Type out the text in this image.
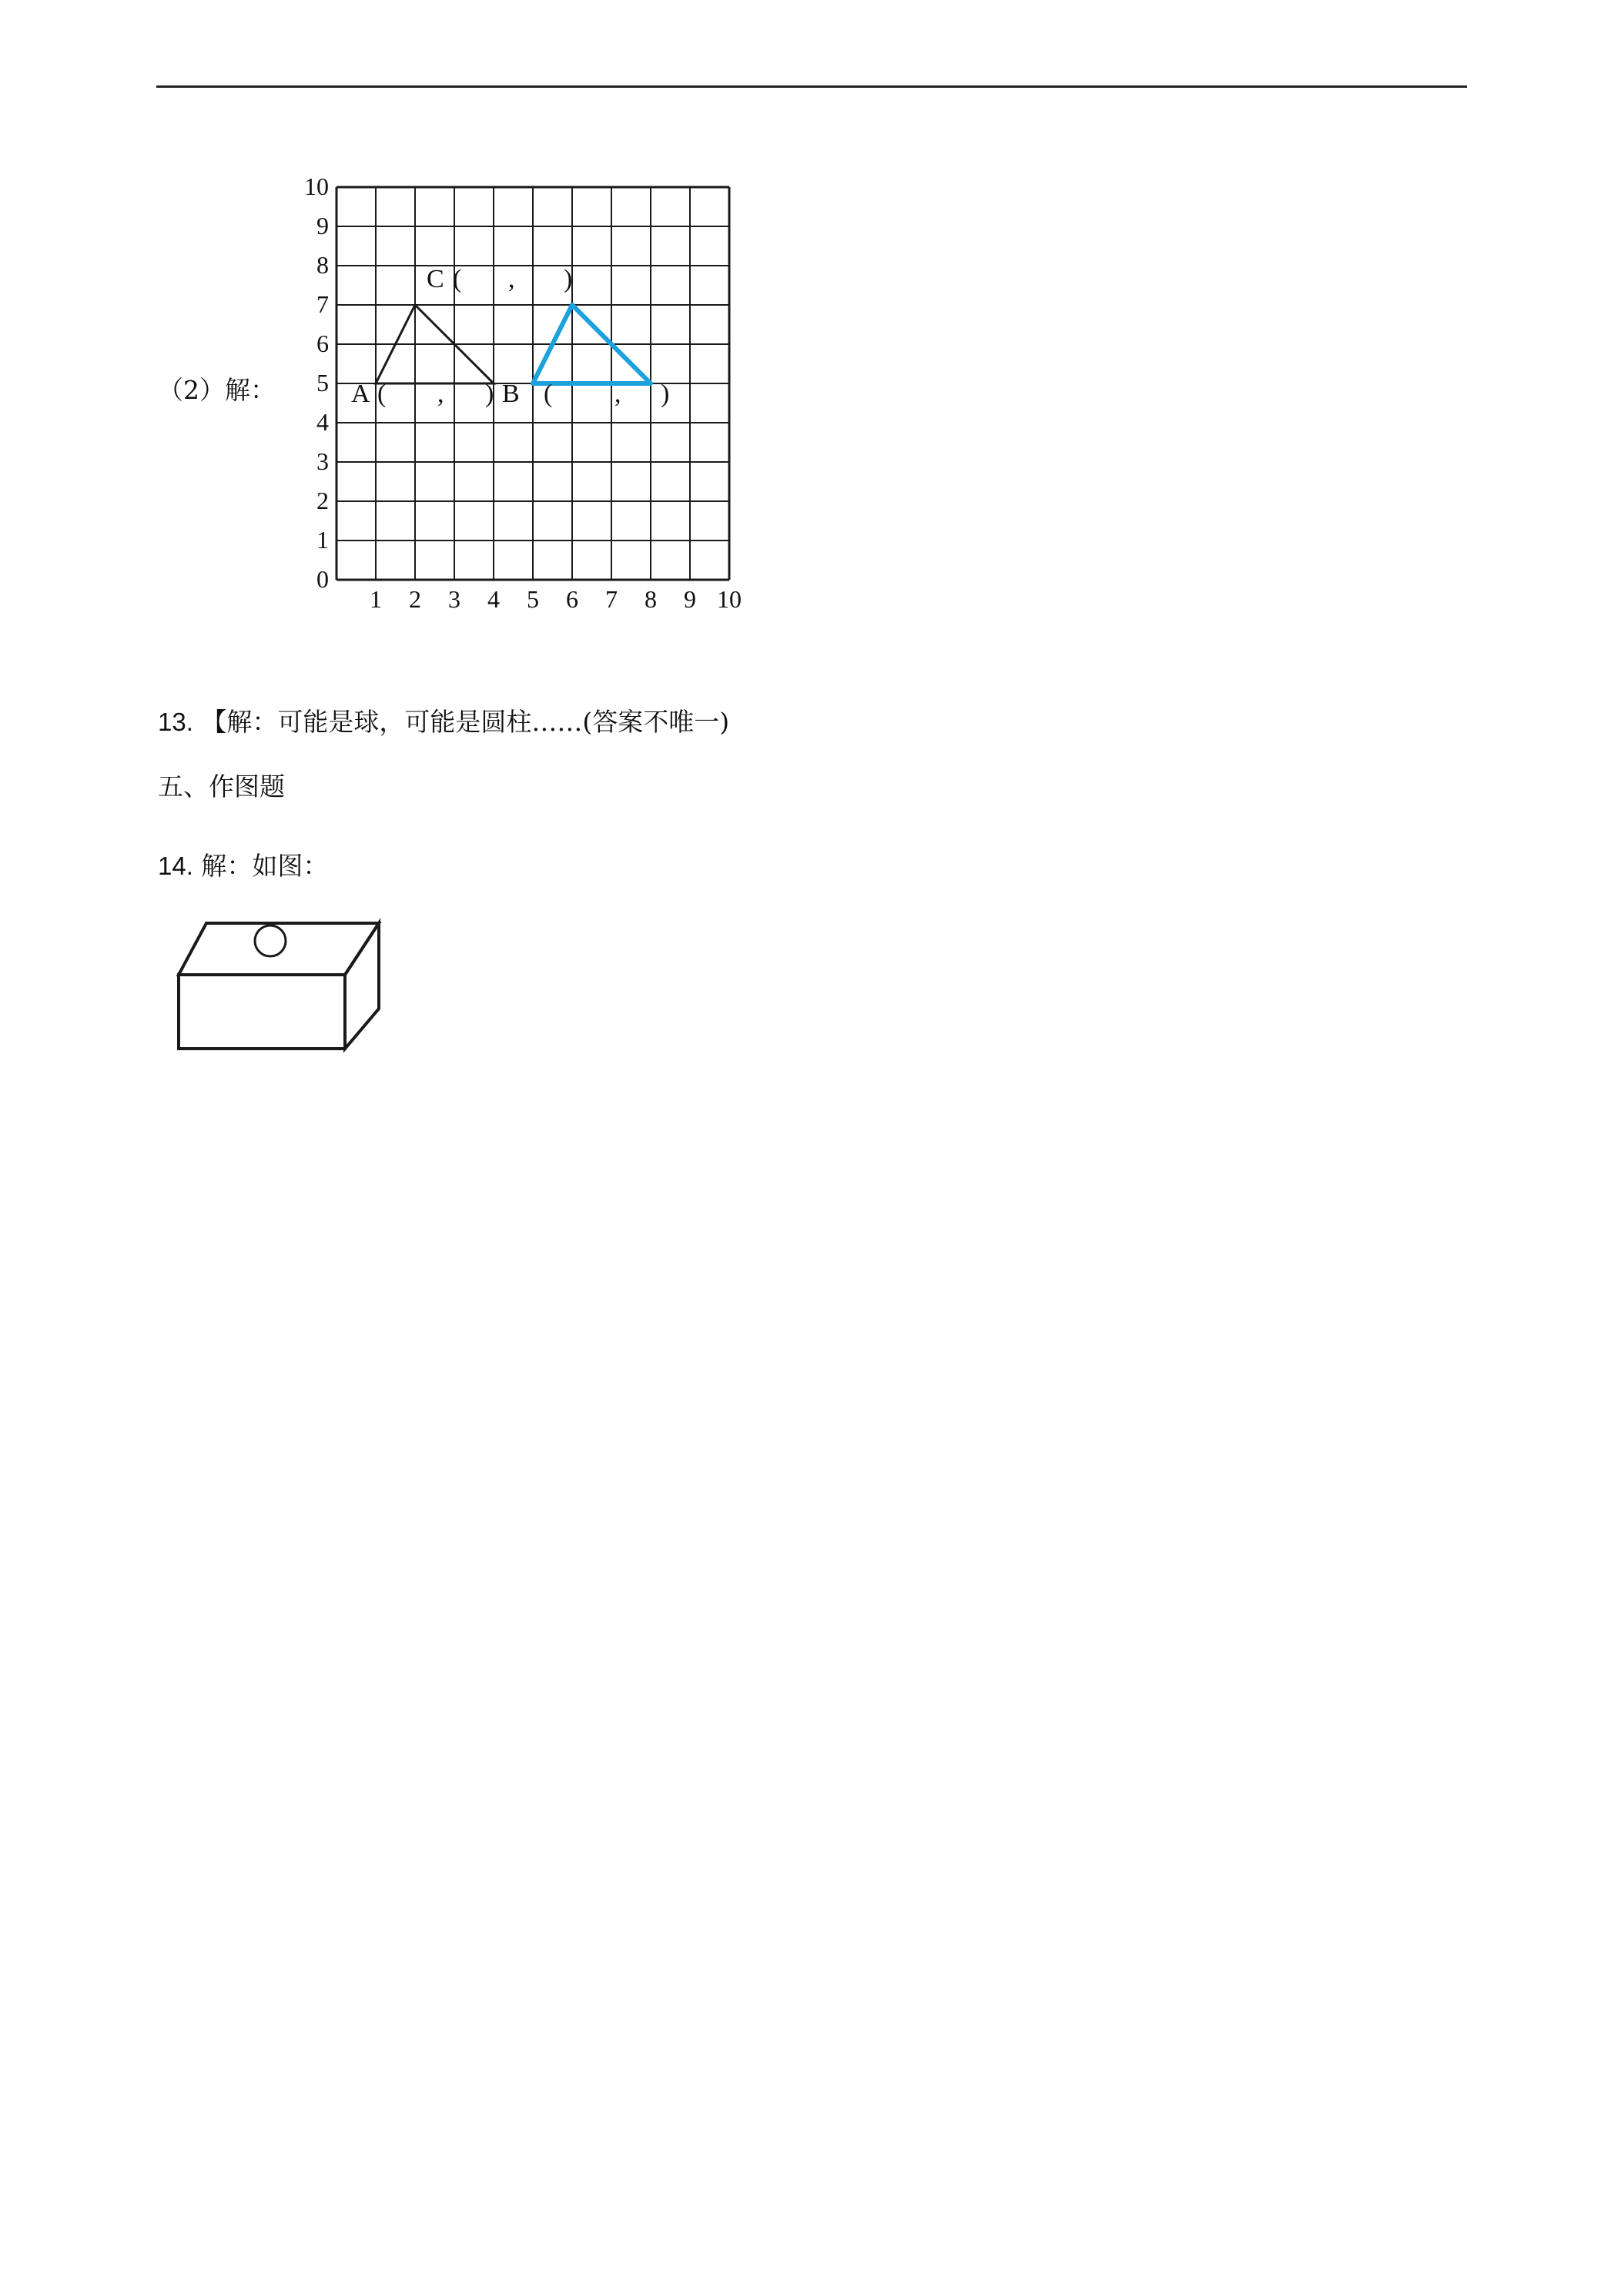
（2）解：
1 2 3 4 5 6 7 8 9 10
0
1
2
3
4
5
6
7
8
9
10
C ( , )
A ( , ) B ( , )
13. 【解：可能是球，可能是圆柱……(答案不唯一)
五、作图题
14. 解：如图：
